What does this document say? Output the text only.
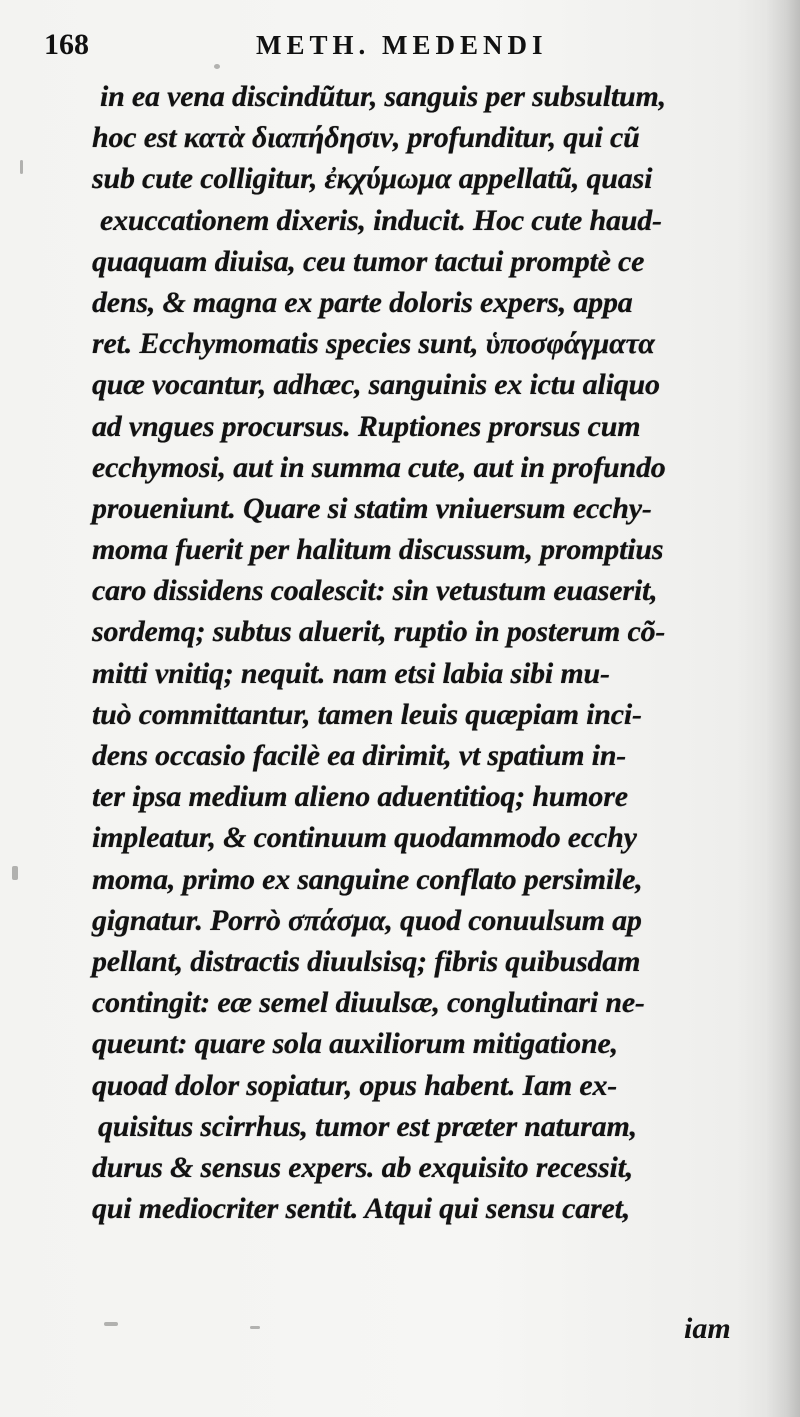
168	METH. MEDENDI
in ea vena discindũtur, sanguis per subsultum,
hoc est κατὰ διαπήδησιν, profunditur, qui cũ
sub cute colligitur, ἐκχύμωμα appellatũ, quasi
exuccationem dixeris, inducit. Hoc cute haud-
quaquam diuisa, ceu tumor tactui promptè ce
dens, & magna ex parte doloris expers, appa
ret. Ecchymomatis species sunt, ὑποσφάγματα
quæ vocantur, adhæc, sanguinis ex ictu aliquo
ad vngues procursus. Ruptiones prorsus cum
ecchymosi, aut in summa cute, aut in profundo
proueniunt. Quare si statim vniuersum ecchy-
moma fuerit per halitum discussum, promptius
caro dissidens coalescit: sin vetustum euaserit,
sordemq; subtus aluerit, ruptio in posterum cõ-
mitti vnitiq; nequit. nam etsi labia sibi mu-
tuò committantur, tamen leuis quæpiam inci-
dens occasio facilè ea dirimit, vt spatium in-
ter ipsa medium alieno aduentitioq; humore
impleatur, & continuum quodammodo ecchy
moma, primo ex sanguine conflato persimile,
gignatur. Porrò σπάσμα, quod conuulsum ap
pellant, distractis diuulsisq; fibris quibusdam
contingit: eæ semel diuulsæ, conglutinari ne-
queunt: quare sola auxiliorum mitigatione,
quoad dolor sopiatur, opus habent. Iam ex-
quisitus scirrhus, tumor est præter naturam,
durus & sensus expers. ab exquisito recessit,
qui mediocriter sentit. Atqui qui sensu caret,
iam
